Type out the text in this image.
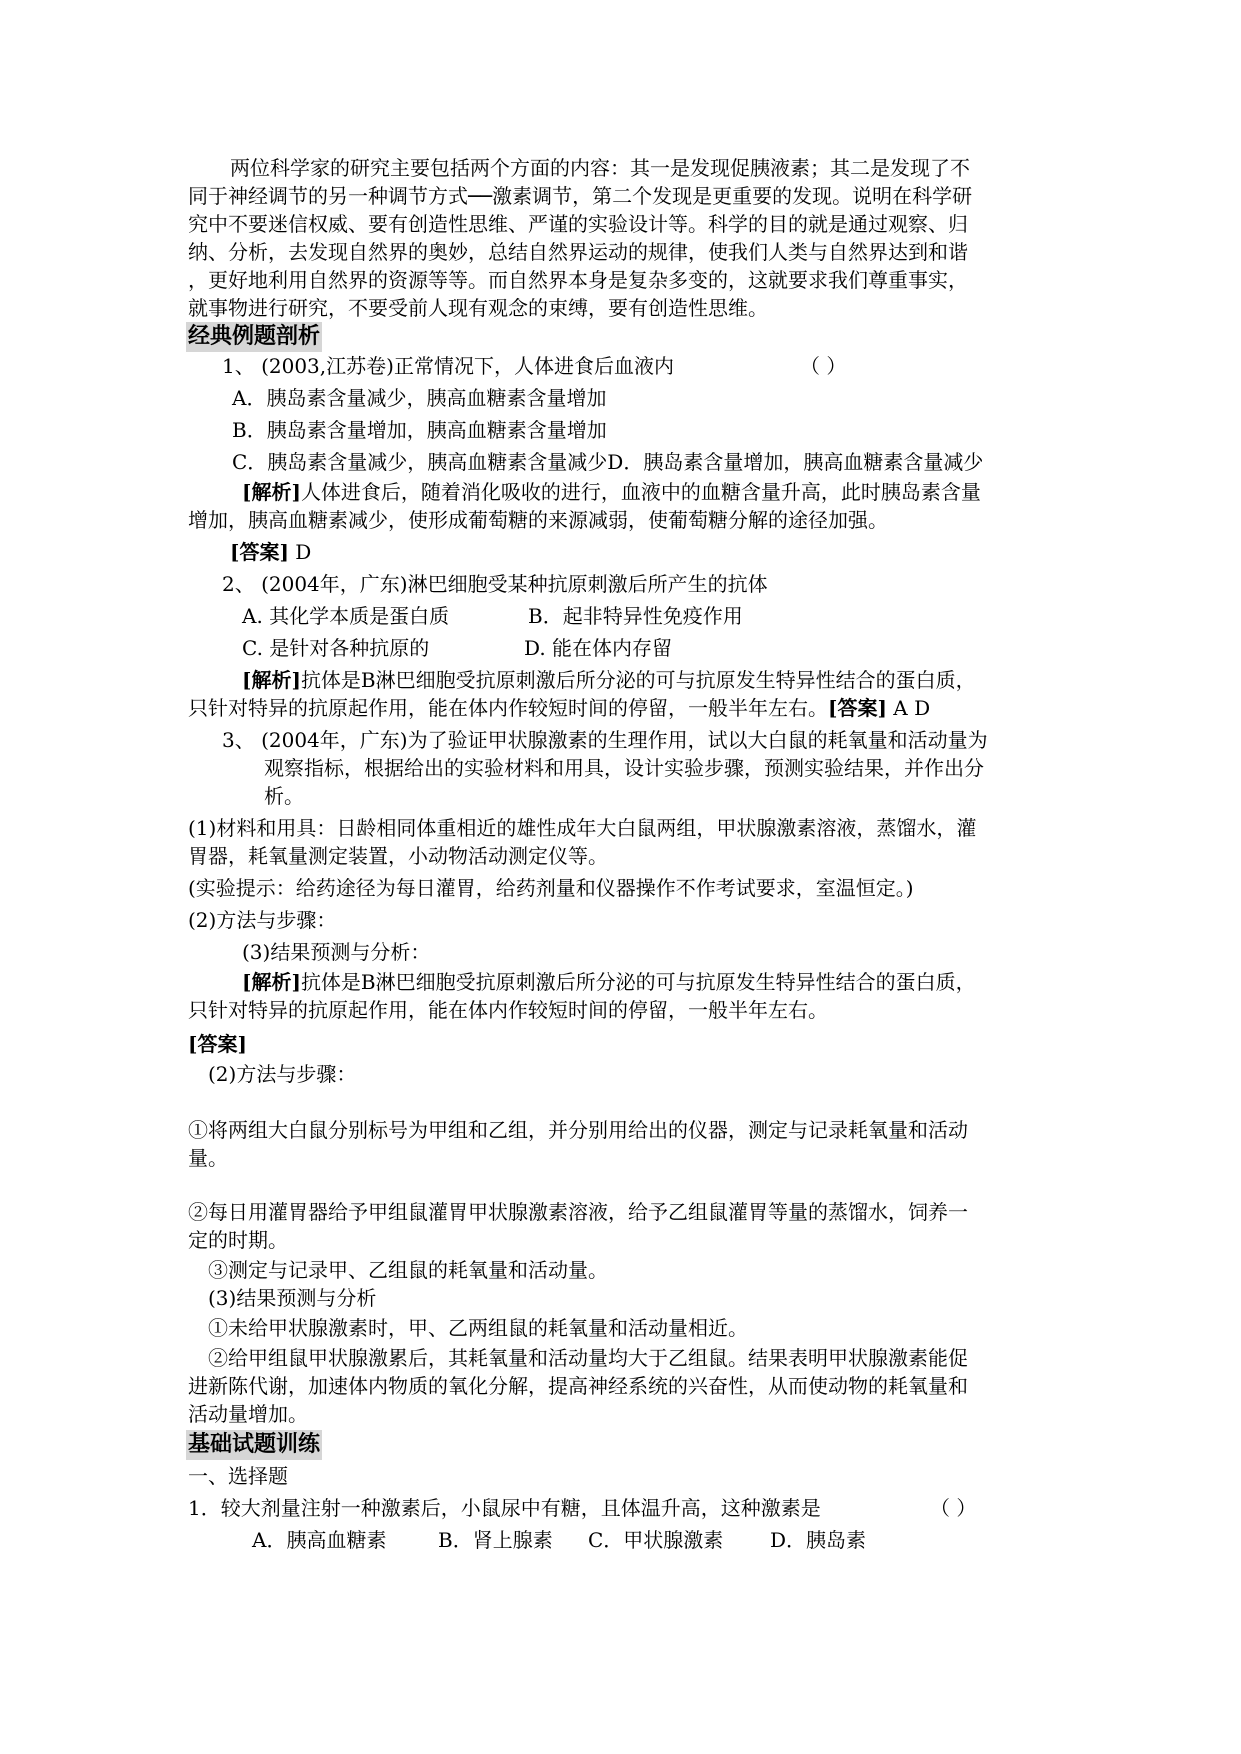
两位科学家的研究主要包括两个方面的内容：其一是发现促胰液素；其二是发现了不
同于神经调节的另一种调节方式──激素调节，第二个发现是更重要的发现。说明在科学研
究中不要迷信权威、要有创造性思维、严谨的实验设计等。科学的目的就是通过观察、归
纳、分析，去发现自然界的奥妙，总结自然界运动的规律，使我们人类与自然界达到和谐
，更好地利用自然界的资源等等。而自然界本身是复杂多变的，这就要求我们尊重事实，
就事物进行研究，不要受前人现有观念的束缚，要有创造性思维。
经典例题剖析
1、 (2003,江苏卷)正常情况下，人体进食后血液内	（ ）
A．胰岛素含量减少，胰高血糖素含量增加
B．胰岛素含量增加，胰高血糖素含量增加
C．胰岛素含量减少，胰高血糖素含量减少D．胰岛素含量增加，胰高血糖素含量减少
[解析]人体进食后，随着消化吸收的进行，血液中的血糖含量升高，此时胰岛素含量
增加，胰高血糖素减少，使形成葡萄糖的来源减弱，使葡萄糖分解的途径加强。
[答案] D
2、 (2004年，广东)淋巴细胞受某种抗原刺激后所产生的抗体
A. 其化学本质是蛋白质	B．起非特异性免疫作用
C. 是针对各种抗原的	D. 能在体内存留
[解析]抗体是B淋巴细胞受抗原刺激后所分泌的可与抗原发生特异性结合的蛋白质，
只针对特异的抗原起作用，能在体内作较短时间的停留，一般半年左右。[答案] A D
3、 (2004年，广东)为了验证甲状腺激素的生理作用，试以大白鼠的耗氧量和活动量为
观察指标，根据给出的实验材料和用具，设计实验步骤，预测实验结果，并作出分
析。
(1)材料和用具：日龄相同体重相近的雄性成年大白鼠两组，甲状腺激素溶液，蒸馏水，灌
胃器，耗氧量测定装置，小动物活动测定仪等。
(实验提示：给药途径为每日灌胃，给药剂量和仪器操作不作考试要求，室温恒定。)
(2)方法与步骤：
(3)结果预测与分析：
[解析]抗体是B淋巴细胞受抗原刺激后所分泌的可与抗原发生特异性结合的蛋白质，
只针对特异的抗原起作用，能在体内作较短时间的停留，一般半年左右。
[答案]
(2)方法与步骤：
①将两组大白鼠分别标号为甲组和乙组，并分别用给出的仪器，测定与记录耗氧量和活动
量。
②每日用灌胃器给予甲组鼠灌胃甲状腺激素溶液，给予乙组鼠灌胃等量的蒸馏水，饲养一
定的时期。
③测定与记录甲、乙组鼠的耗氧量和活动量。
(3)结果预测与分析
①未给甲状腺激素时，甲、乙两组鼠的耗氧量和活动量相近。
②给甲组鼠甲状腺激累后，其耗氧量和活动量均大于乙组鼠。结果表明甲状腺激素能促
进新陈代谢，加速体内物质的氧化分解，提高神经系统的兴奋性，从而使动物的耗氧量和
活动量增加。
基础试题训练
一、选择题
1．较大剂量注射一种激素后，小鼠尿中有糖，且体温升高，这种激素是	（ ）
A．胰高血糖素	B．肾上腺素 C．甲状腺激素 D．胰岛素
